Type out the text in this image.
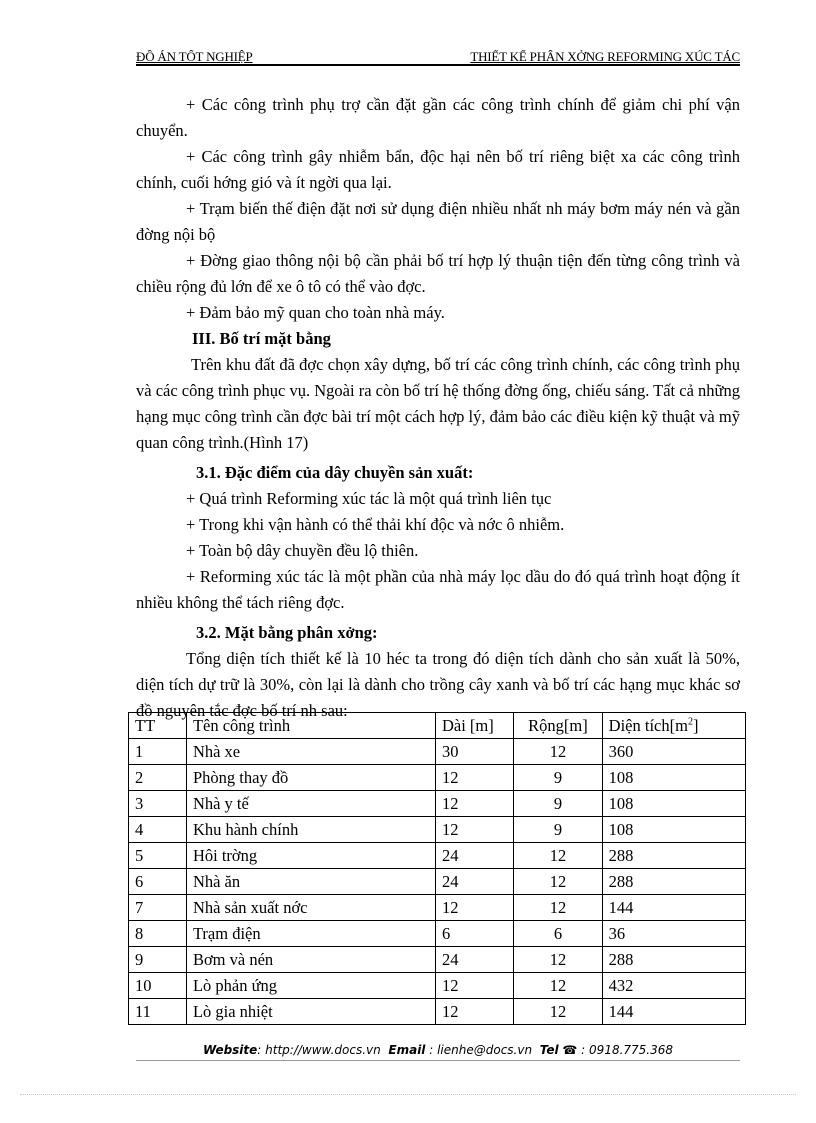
ĐỒ ÁN TỐT NGHIỆP	THIẾT KẾ PHÂN XỞNG REFORMING XÚC TÁC

+ Các công trình phụ trợ cần đặt gần các công trình chính để giảm chi phí vận chuyển.

+ Các công trình gây nhiễm bẩn, độc hại nên bố trí riêng biệt xa các công trình chính, cuối hớng gió và ít ngời qua lại.

+ Trạm biến thế điện đặt nơi sử dụng điện nhiều nhất nh máy bơm máy nén và gần đờng nội bộ

+ Đờng giao thông nội bộ cần phải bố trí hợp lý thuận tiện đến từng công trình và chiều rộng đủ lớn để xe ô tô có thể vào đợc.

+ Đảm bảo mỹ quan cho toàn nhà máy.

III. Bố trí mặt bằng

Trên khu đất đã đợc chọn xây dựng, bố trí các công trình chính, các công trình phụ và các công trình phục vụ. Ngoài ra còn bố trí hệ thống đờng ống, chiếu sáng. Tất cả những hạng mục công trình cần đợc bài trí một cách hợp lý, đảm bảo các điều kiện kỹ thuật và mỹ quan công trình.(Hình 17)

3.1. Đặc điểm của dây chuyền sản xuất:

+ Quá trình Reforming xúc tác là một quá trình liên tục

+ Trong khi vận hành có thể thải khí độc và nớc ô nhiễm.

+ Toàn bộ dây chuyền đều lộ thiên.

+ Reforming xúc tác là một phần của nhà máy lọc dầu do đó quá trình hoạt động ít nhiều không thể tách riêng đợc.

3.2. Mặt bằng phân xởng:

Tổng diện tích thiết kế là 10 héc ta trong đó diện tích dành cho sản xuất là 50%, diện tích dự trữ là 30%, còn lại là dành cho trồng cây xanh và bố trí các hạng mục khác sơ đồ nguyên tắc đợc bố trí nh sau:

TT	Tên công trình	Dài [m]	Rộng[m]	Diện $tích[m^2]$
1	Nhà xe	30	12	360
2	Phòng thay đồ	12	9	108
3	Nhà y tế	12	9	108
4	Khu hành chính	12	9	108
5	Hôi trờng	24	12	288
6	Nhà ăn	24	12	288
7	Nhà sản xuất nớc	12	12	144
8	Trạm điện	6	6	36
9	Bơm và nén	24	12	288
10	Lò phản ứng	12	12	432
11	Lò gia nhiệt	12	12	144
Website: http://www.docs.vn Email : lienhe@docs.vn Tel ☎ : 0918.775.368
